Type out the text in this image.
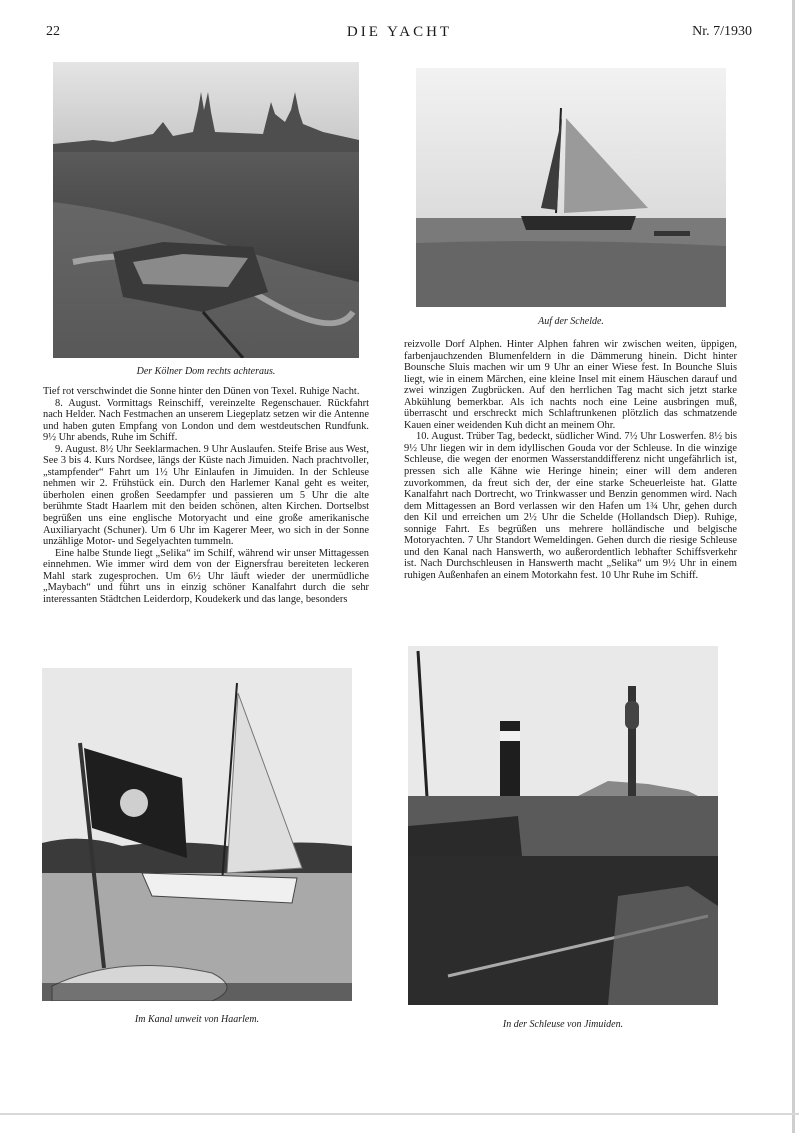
22	DIE YACHT	Nr. 7/1930
Der Kölner Dom rechts achteraus.
Auf der Schelde.

Tief rot verschwindet die Sonne hinter den Dünen von Texel. Ruhige Nacht.

8. August. Vormittags Reinschiff, vereinzelte Regenschauer. Rückfahrt nach Helder. Nach Festmachen an unserem Liegeplatz setzen wir die Antenne und haben guten Empfang von London und dem westdeutschen Rundfunk. 9½ Uhr abends, Ruhe im Schiff.

9. August. 8½ Uhr Seeklarmachen. 9 Uhr Auslaufen. Steife Brise aus West, See 3 bis 4. Kurs Nordsee, längs der Küste nach Jimuiden. Nach prachtvoller, „stampfender“ Fahrt um 1½ Uhr Einlaufen in Jimuiden. In der Schleuse nehmen wir 2. Frühstück ein. Durch den Harlemer Kanal geht es weiter, überholen einen großen Seedampfer und passieren um 5 Uhr die alte berühmte Stadt Haarlem mit den beiden schönen, alten Kirchen. Dortselbst begrüßen uns eine englische Motoryacht und eine große amerikanische Auxiliaryacht (Schuner). Um 6 Uhr im Kagerer Meer, wo sich in der Sonne unzählige Motor- und Segelyachten tummeln.

Eine halbe Stunde liegt „Selika“ im Schilf, während wir unser Mittagessen einnehmen. Wie immer wird dem von der Eignersfrau bereiteten leckeren Mahl stark zugesprochen. Um 6½ Uhr läuft wieder der unermüdliche „Maybach“ und führt uns in einzig schöner Kanalfahrt durch die sehr interessanten Städtchen Leiderdorp, Koudekerk und das lange, besonders

reizvolle Dorf Alphen. Hinter Alphen fahren wir zwischen weiten, üppigen, farbenjauchzenden Blumenfeldern in die Dämmerung hinein. Dicht hinter Bounsche Sluis machen wir um 9 Uhr an einer Wiese fest. In Bounche Sluis liegt, wie in einem Märchen, eine kleine Insel mit einem Häuschen darauf und zwei winzigen Zugbrücken. Auf den herrlichen Tag macht sich jetzt starke Abkühlung bemerkbar. Als ich nachts noch eine Leine ausbringen muß, überrascht und erschreckt mich Schlaftrunkenen plötzlich das schmatzende Kauen einer weidenden Kuh dicht an meinem Ohr.

10. August. Trüber Tag, bedeckt, südlicher Wind. 7½ Uhr Loswerfen. 8½ bis 9½ Uhr liegen wir in dem idyllischen Gouda vor der Schleuse. In die winzige Schleuse, die wegen der enormen Wasserstanddifferenz nicht ungefährlich ist, pressen sich alle Kähne wie Heringe hinein; einer will dem anderen zuvorkommen, da freut sich der, der eine starke Scheuerleiste hat. Glatte Kanalfahrt nach Dortrecht, wo Trinkwasser und Benzin genommen wird. Nach dem Mittagessen an Bord verlassen wir den Hafen um 1¾ Uhr, gehen durch den Kil und erreichen um 2½ Uhr die Schelde (Hollandsch Diep). Ruhige, sonnige Fahrt. Es begrüßen uns mehrere holländische und belgische Motoryachten. 7 Uhr Standort Wemeldingen. Gehen durch die riesige Schleuse und den Kanal nach Hanswerth, wo außerordentlich lebhafter Schiffsverkehr ist. Nach Durchschleusen in Hanswerth macht „Selika“ um 9½ Uhr in einem ruhigen Außenhafen an einem Motorkahn fest. 10 Uhr Ruhe im Schiff.

Im Kanal unweit von Haarlem.	In der Schleuse von Jimuiden.
